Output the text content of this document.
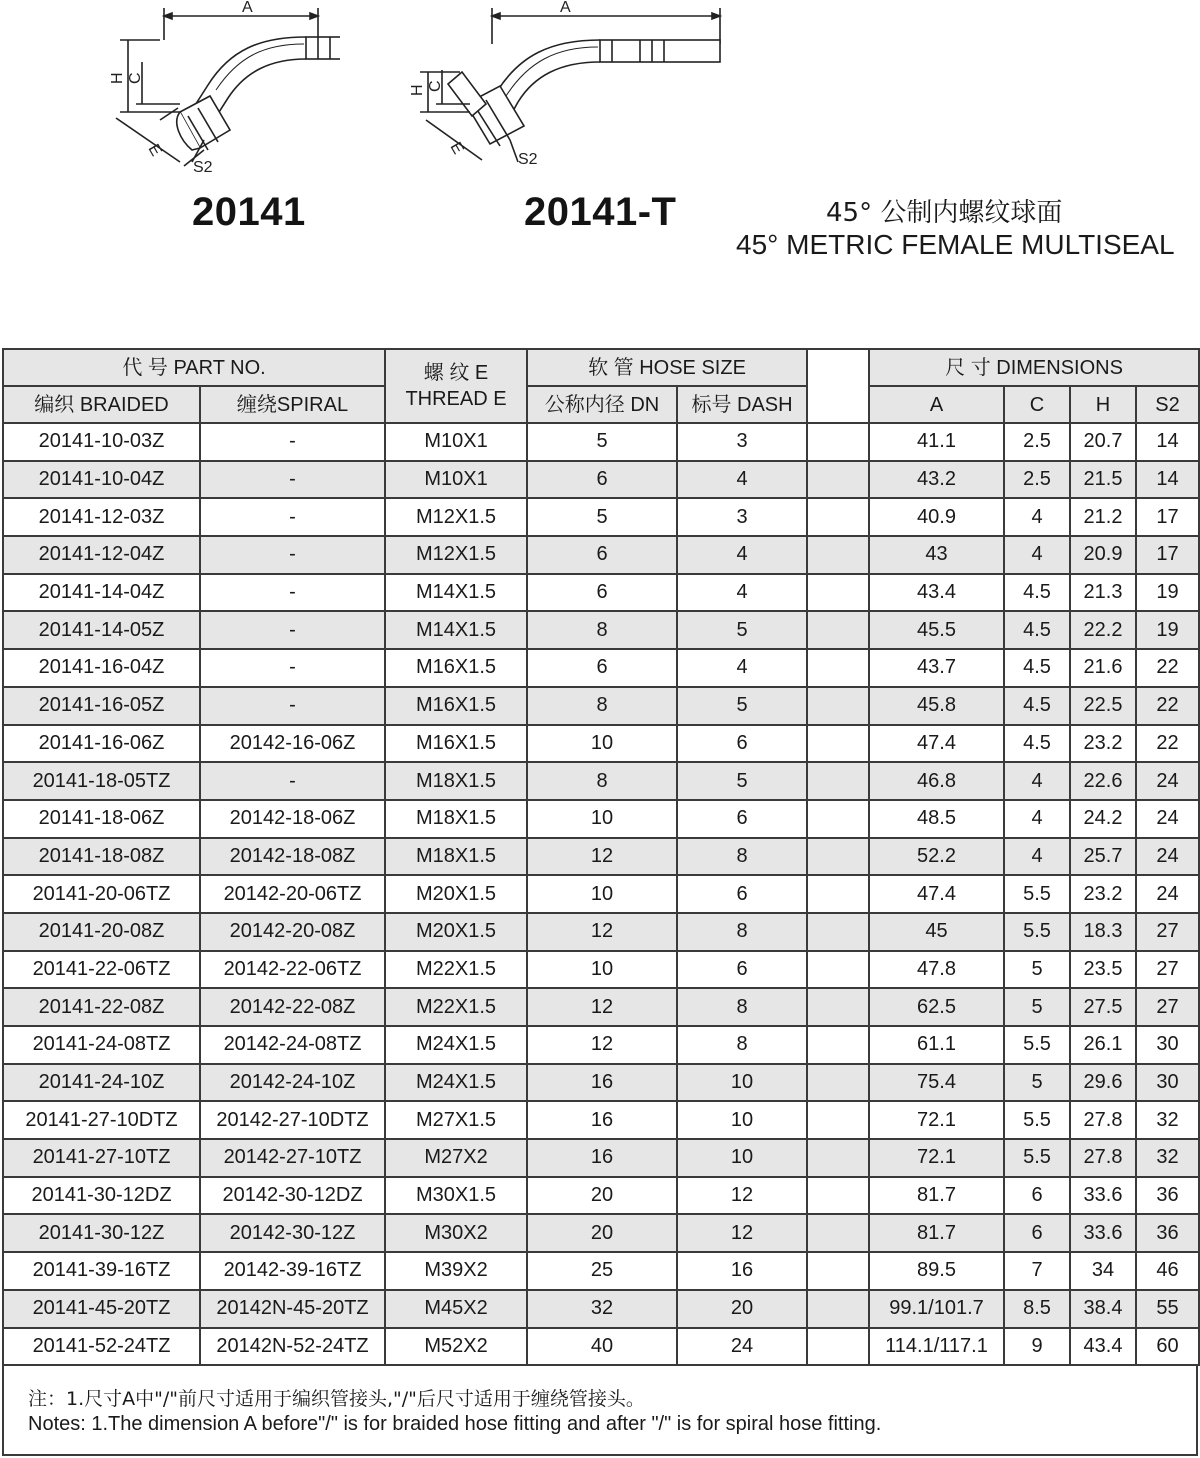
A
H C
E
S2
A
H C
E
S2
20141	20141-T	45° 公制内螺纹球面
45° METRIC FEMALE MULTISEAL
代 号 PART NO.		螺 纹 E
THREAD E	软 管 HOSE SIZE			尺 寸 DIMENSIONS			
编织 BRAIDED	缠绕SPIRAL		公称内径 DN	标号 DASH		A	C	H	S2
20141-10-03Z	-	M10X1	5	3		41.1	2.5	20.7	14
20141-10-04Z	-	M10X1	6	4		43.2	2.5	21.5	14
20141-12-03Z	-	M12X1.5	5	3		40.9	4	21.2	17
20141-12-04Z	-	M12X1.5	6	4		43	4	20.9	17
20141-14-04Z	-	M14X1.5	6	4		43.4	4.5	21.3	19
20141-14-05Z	-	M14X1.5	8	5		45.5	4.5	22.2	19
20141-16-04Z	-	M16X1.5	6	4		43.7	4.5	21.6	22
20141-16-05Z	-	M16X1.5	8	5		45.8	4.5	22.5	22
20141-16-06Z	20142-16-06Z	M16X1.5	10	6		47.4	4.5	23.2	22
20141-18-05TZ	-	M18X1.5	8	5		46.8	4	22.6	24
20141-18-06Z	20142-18-06Z	M18X1.5	10	6		48.5	4	24.2	24
20141-18-08Z	20142-18-08Z	M18X1.5	12	8		52.2	4	25.7	24
20141-20-06TZ	20142-20-06TZ	M20X1.5	10	6		47.4	5.5	23.2	24
20141-20-08Z	20142-20-08Z	M20X1.5	12	8		45	5.5	18.3	27
20141-22-06TZ	20142-22-06TZ	M22X1.5	10	6		47.8	5	23.5	27
20141-22-08Z	20142-22-08Z	M22X1.5	12	8		62.5	5	27.5	27
20141-24-08TZ	20142-24-08TZ	M24X1.5	12	8		61.1	5.5	26.1	30
20141-24-10Z	20142-24-10Z	M24X1.5	16	10		75.4	5	29.6	30
20141-27-10DTZ	20142-27-10DTZ	M27X1.5	16	10		72.1	5.5	27.8	32
20141-27-10TZ	20142-27-10TZ	M27X2	16	10		72.1	5.5	27.8	32
20141-30-12DZ	20142-30-12DZ	M30X1.5	20	12		81.7	6	33.6	36
20141-30-12Z	20142-30-12Z	M30X2	20	12		81.7	6	33.6	36
20141-39-16TZ	20142-39-16TZ	M39X2	25	16		89.5	7	34	46
20141-45-20TZ	20142N-45-20TZ	M45X2	32	20		99.1/101.7	8.5	38.4	55
20141-52-24TZ	20142N-52-24TZ	M52X2	40	24		114.1/117.1	9	43.4	60
注：1.尺寸A中"/"前尺寸适用于编织管接头,"/"后尺寸适用于缠绕管接头。
Notes: 1.The dimension A before"/" is for braided hose fitting and after "/" is for spiral hose fitting.
